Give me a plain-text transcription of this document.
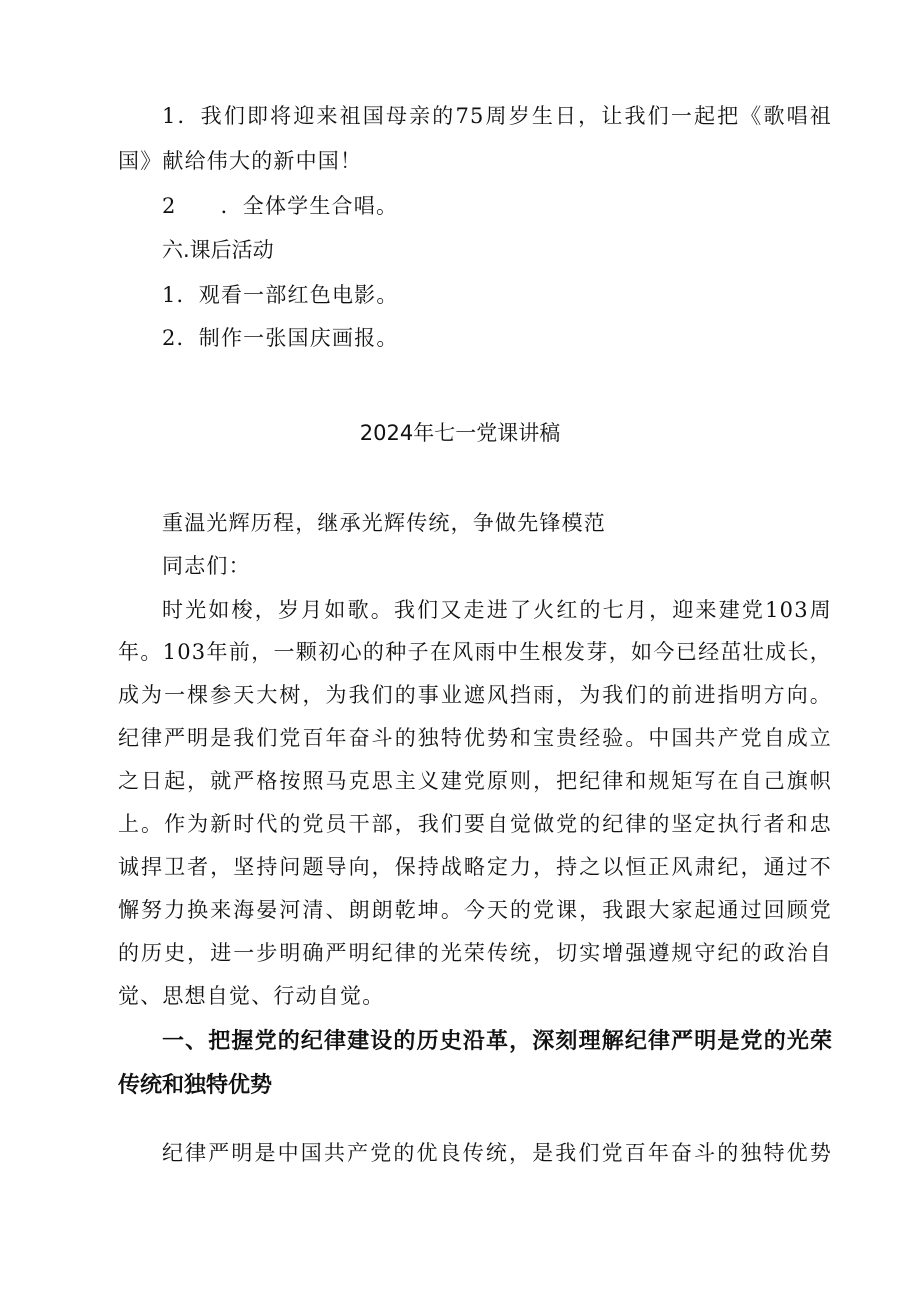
1．我们即将迎来祖国母亲的75周岁生日，让我们一起把《歌唱祖
国》献给伟大的新中国！
2 ．全体学生合唱。
六.课后活动
1．观看一部红色电影。
2．制作一张国庆画报。
2024年七一党课讲稿
重温光辉历程，继承光辉传统，争做先锋模范
同志们：
时光如梭，岁月如歌。我们又走进了火红的七月，迎来建党103周
年。103年前，一颗初心的种子在风雨中生根发芽，如今已经茁壮成长，
成为一棵参天大树，为我们的事业遮风挡雨，为我们的前进指明方向。
纪律严明是我们党百年奋斗的独特优势和宝贵经验。中国共产党自成立
之日起，就严格按照马克思主义建党原则，把纪律和规矩写在自己旗帜
上。作为新时代的党员干部，我们要自觉做党的纪律的坚定执行者和忠
诚捍卫者，坚持问题导向，保持战略定力，持之以恒正风肃纪，通过不
懈努力换来海晏河清、朗朗乾坤。今天的党课，我跟大家起通过回顾党
的历史，进一步明确严明纪律的光荣传统，切实增强遵规守纪的政治自
觉、思想自觉、行动自觉。
一、把握党的纪律建设的历史沿革，深刻理解纪律严明是党的光荣
传统和独特优势
纪律严明是中国共产党的优良传统，是我们党百年奋斗的独特优势
